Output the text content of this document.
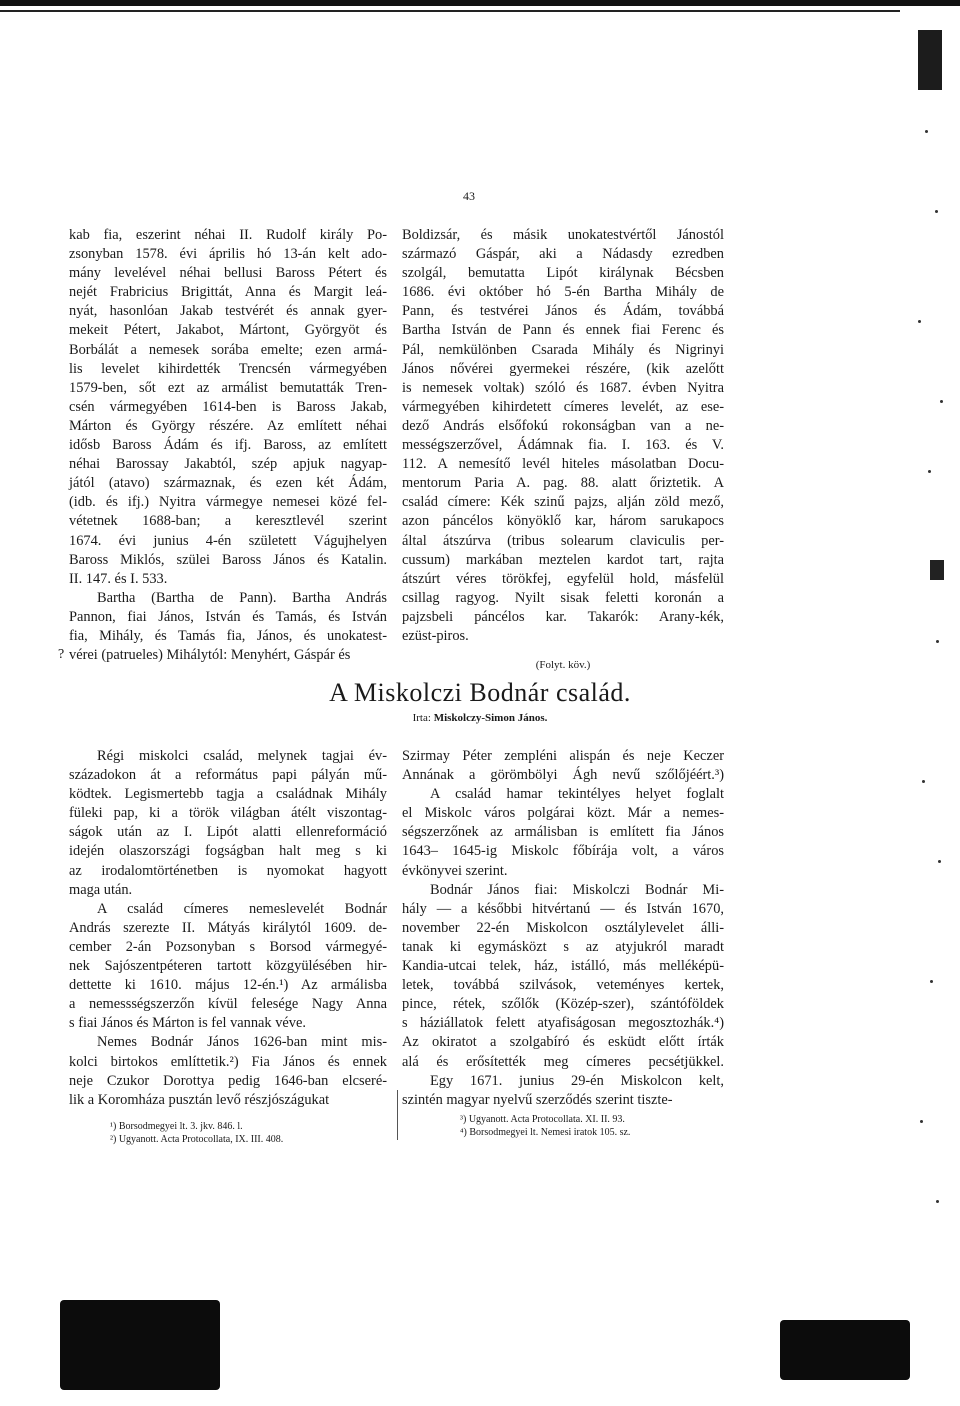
43
kab fia, eszerint néhai II. Rudolf király Po-
zsonyban 1578. évi április hó 13-án kelt ado-
mány levelével néhai bellusi Baross Pétert és
nejét Frabricius Brigittát, Anna és Margit leá-
nyát, hasonlóan Jakab testvérét és annak gyer-
mekeit Pétert, Jakabot, Mártont, Györgyöt és
Borbálát a nemesek sorába emelte; ezen armá-
lis levelet kihirdették Trencsén vármegyében
1579-ben, sőt ezt az armálist bemutatták Tren-
csén vármegyében 1614-ben is Baross Jakab,
Márton és György részére. Az említett néhai
idősb Baross Ádám és ifj. Baross, az említett
néhai Barossay Jakabtól, szép apjuk nagyap-
jától (atavo) származnak, és ezen két Ádám,
(idb. és ifj.) Nyitra vármegye nemesei közé fel-
vétetnek 1688-ban; a keresztlevél szerint
1674. évi junius 4-én született Vágujhelyen
Baross Miklós, szülei Baross János és Katalin.
II. 147. és I. 533.
Bartha (Bartha de Pann). Bartha András
Pannon, fiai János, István és Tamás, és István
fia, Mihály, és Tamás fia, János, és unokatest-
vérei (patrueles) Mihálytól: Menyhért, Gáspár és
Boldizsár, és másik unokatestvértől Jánostól
származó Gáspár, aki a Nádasdy ezredben
szolgál, bemutatta Lipót királynak Bécsben
1686. évi október hó 5-én Bartha Mihály de
Pann, és testvérei János és Ádám, továbbá
Bartha István de Pann és ennek fiai Ferenc és
Pál, nemkülönben Csarada Mihály és Nigrinyi
János nővérei gyermekei részére, (kik azelőtt
is nemesek voltak) szóló és 1687. évben Nyitra
vármegyében kihirdetett címeres levelét, az ese-
dező András elsőfokú rokonságban van a ne-
mességszerzővel, Ádámnak fia. I. 163. és V.
112. A nemesítő levél hiteles másolatban Docu-
mentorum Paria A. pag. 88. alatt őriztetik. A
család címere: Kék szinű pajzs, alján zöld mező,
azon páncélos könyöklő kar, három sarukapocs
által átszúrva (tribus solearum claviculis per-
cussum) markában meztelen kardot tart, rajta
átszúrt véres törökfej, egyfelül hold, másfelül
csillag ragyog. Nyilt sisak feletti koronán a
pajzsbeli páncélos kar. Takarók: Arany-kék,
ezüst-piros.
(Folyt. köv.)
?
A Miskolczi Bodnár család.
Irta: Miskolczy-Simon János.
Régi miskolci család, melynek tagjai év-
századokon át a református papi pályán mű-
ködtek. Legismertebb tagja a családnak Mihály
füleki pap, ki a török világban átélt viszontag-
ságok után az I. Lipót alatti ellenreformáció
idején olaszországi fogságban halt meg s ki
az irodalomtörténetben is nyomokat hagyott
maga után.
A család címeres nemeslevelét Bodnár
András szerezte II. Mátyás királytól 1609. de-
cember 2-án Pozsonyban s Borsod vármegyé-
nek Sajószentpéteren tartott közgyülésében hir-
dettette ki 1610. május 12-én.¹) Az armálisba
a nemessségszerzőn kívül felesége Nagy Anna
s fiai János és Márton is fel vannak véve.
Nemes Bodnár János 1626-ban mint mis-
kolci birtokos említtetik.²) Fia János és ennek
neje Czukor Dorottya pedig 1646-ban elcseré-
lik a Koromháza pusztán levő részjószágukat
Szirmay Péter zempléni alispán és neje Keczer
Annának a görömbölyi Ágh nevű szőlőjéért.³)
A család hamar tekintélyes helyet foglalt
el Miskolc város polgárai közt. Már a nemes-
ségszerzőnek az armálisban is említett fia János
1643– 1645-ig Miskolc főbírája volt, a város
évkönyvei szerint.
Bodnár János fiai: Miskolczi Bodnár Mi-
hály — a későbbi hitvértanú — és István 1670,
november 22-én Miskolcon osztálylevelet álli-
tanak ki egymásközt s az atyjukról maradt
Kandia-utcai telek, ház, istálló, más melléképü-
letek, továbbá szilvások, veteményes kertek,
pince, rétek, szőlők (Közép-szer), szántóföldek
s háziállatok felett atyafiságosan megosztozhák.⁴)
Az okiratot a szolgabíró és esküdt előtt írták
alá és erősítették meg címeres pecsétjükkel.
Egy 1671. junius 29-én Miskolcon kelt,
szintén magyar nyelvű szerződés szerint tiszte-
¹) Borsodmegyei lt. 3. jkv. 846. l.
²) Ugyanott. Acta Protocollata, IX. III. 408.
³) Ugyanott. Acta Protocollata. XI. II. 93.
⁴) Borsodmegyei lt. Nemesi iratok 105. sz.
